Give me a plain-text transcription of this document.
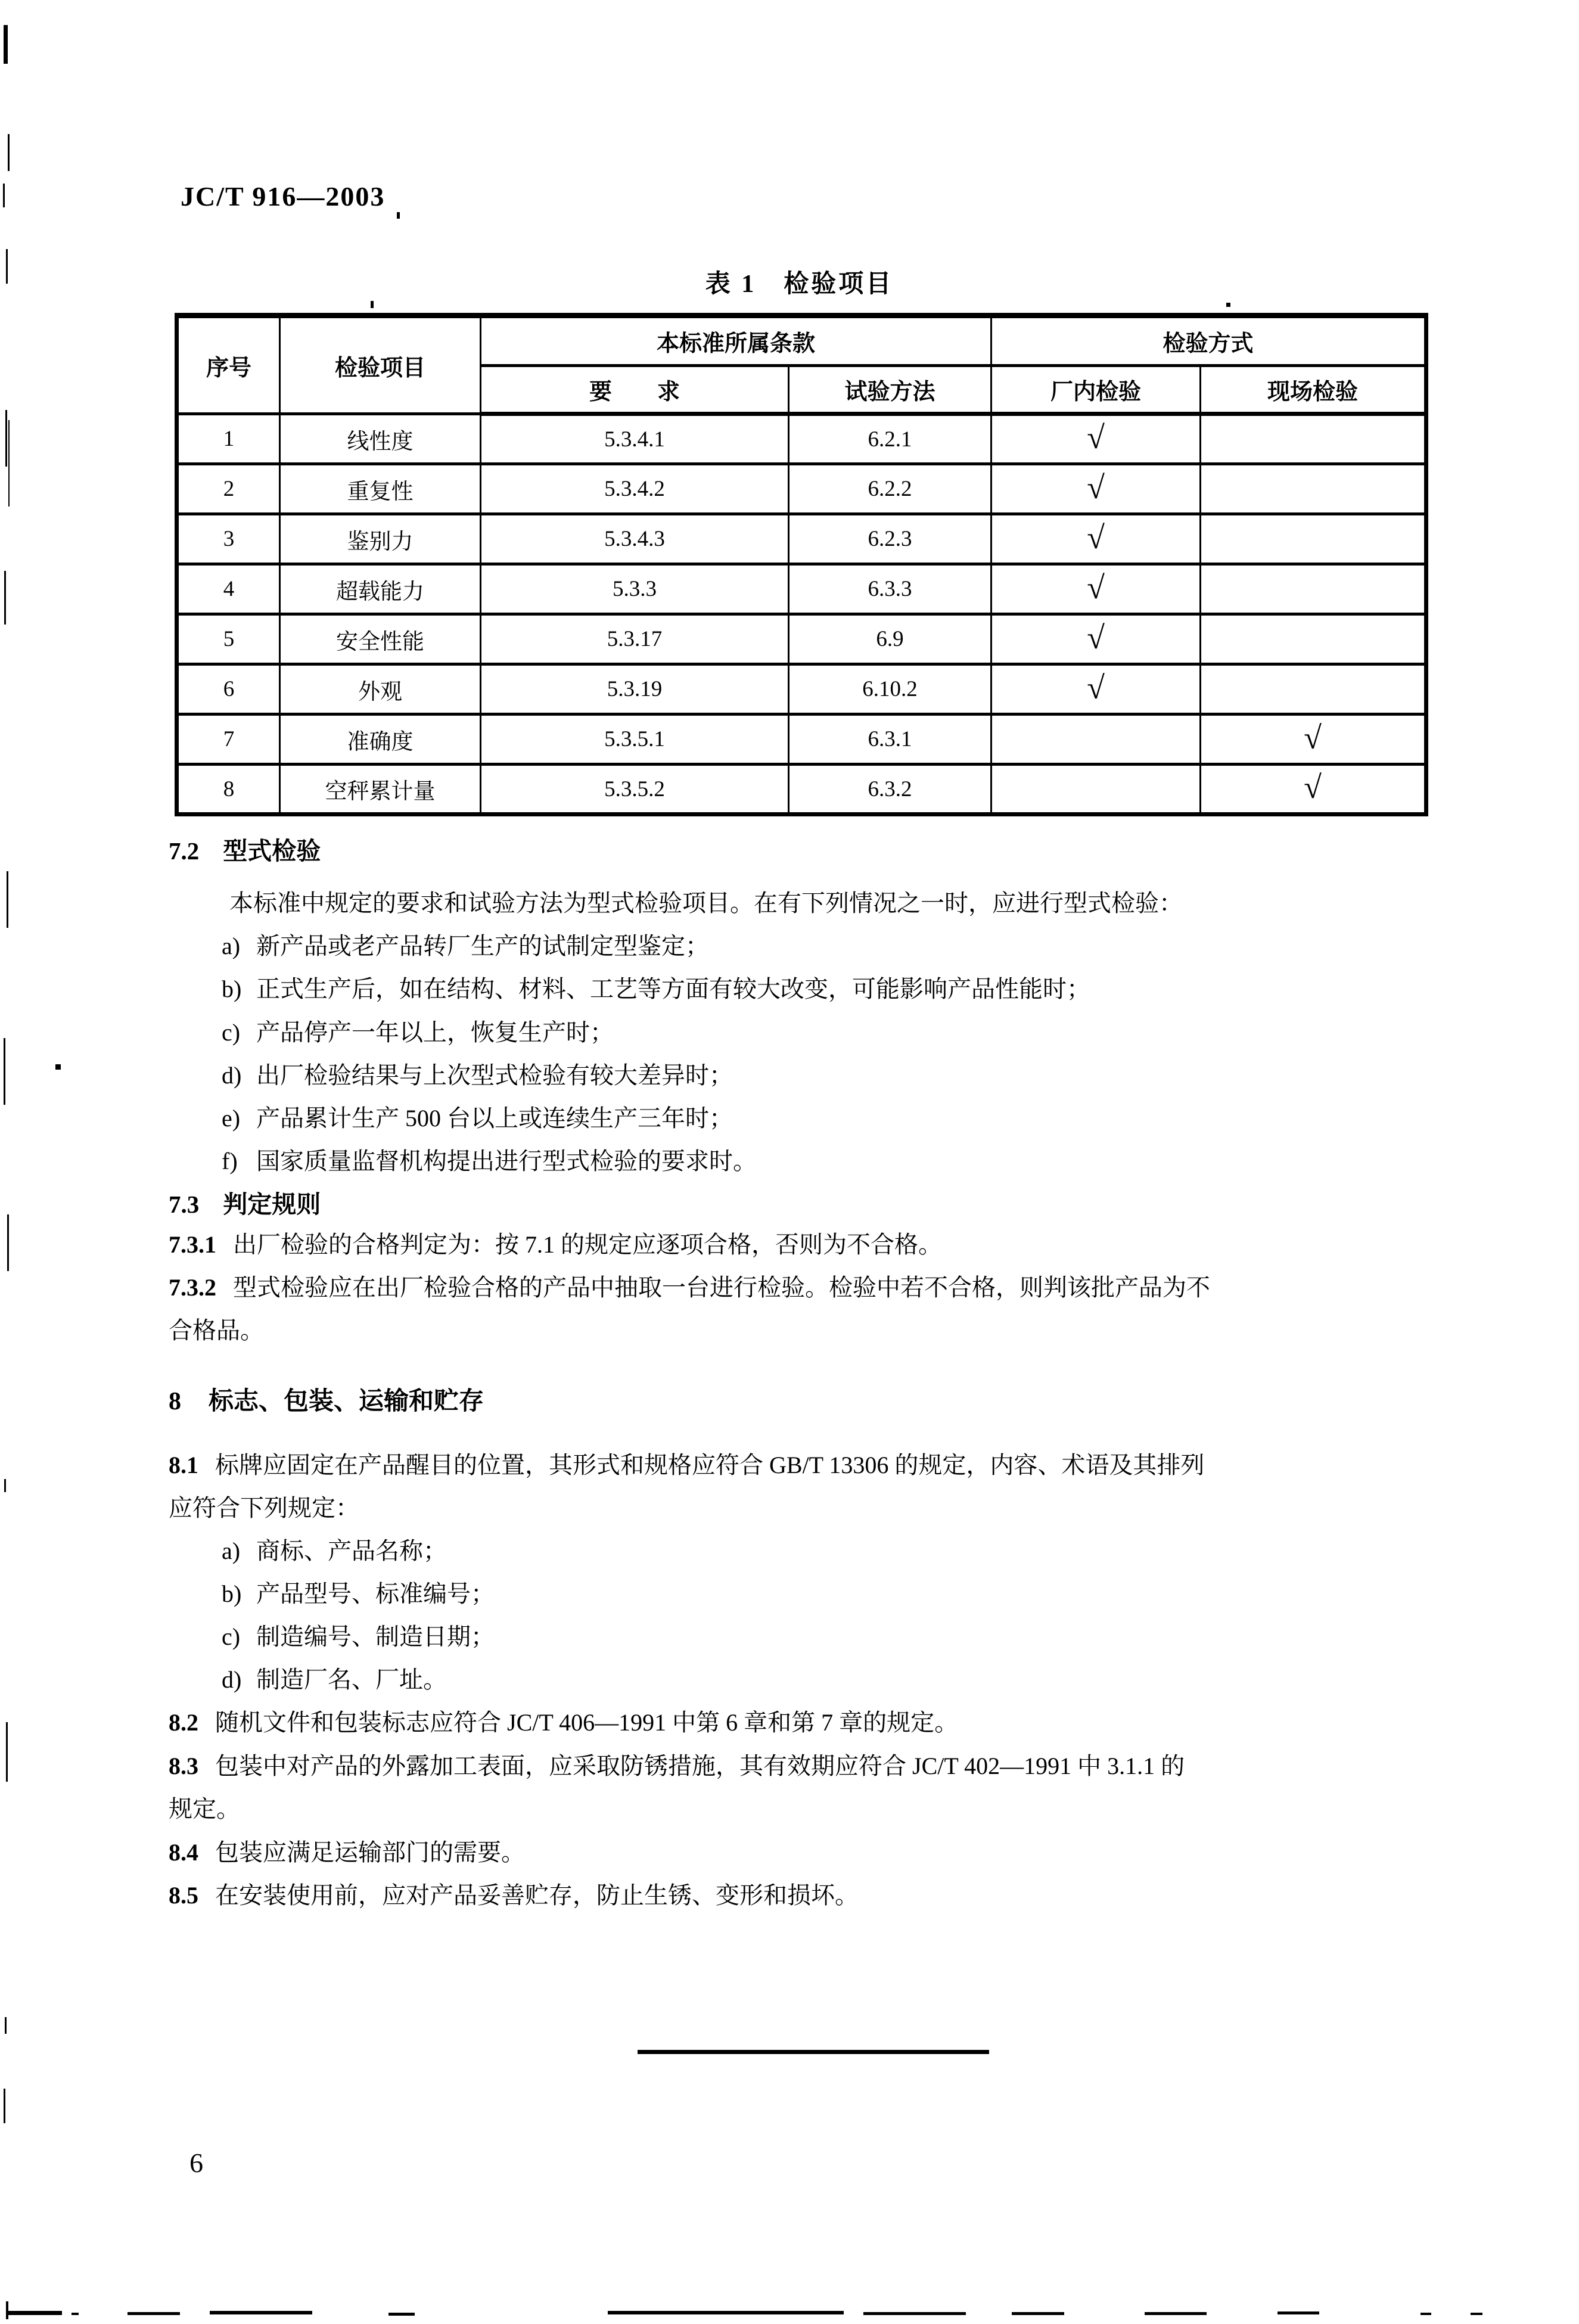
JC/T 916—2003
表 1　检验项目
序号	检验项目	本标准所属条款		检验方式	
		要　　求	试验方法	厂内检验	现场检验
1	线性度	5.3.4.1	6.2.1	√	
2	重复性	5.3.4.2	6.2.2	√	
3	鉴别力	5.3.4.3	6.2.3	√	
4	超载能力	5.3.3	6.3.3	√	
5	安全性能	5.3.17	6.9	√	
6	外观	5.3.19	6.10.2	√	
7	准确度	5.3.5.1	6.3.1		√
8	空秤累计量	5.3.5.2	6.3.2		√
7.2 型式检验
本标准中规定的要求和试验方法为型式检验项目。在有下列情况之一时，应进行型式检验：
a) 新产品或老产品转厂生产的试制定型鉴定；
b) 正式生产后，如在结构、材料、工艺等方面有较大改变，可能影响产品性能时；
c) 产品停产一年以上，恢复生产时；
d) 出厂检验结果与上次型式检验有较大差异时；
e) 产品累计生产 500 台以上或连续生产三年时；
f) 国家质量监督机构提出进行型式检验的要求时。
7.3 判定规则
7.3.1 出厂检验的合格判定为：按 7.1 的规定应逐项合格，否则为不合格。
7.3.2 型式检验应在出厂检验合格的产品中抽取一台进行检验。检验中若不合格，则判该批产品为不
合格品。
8 标志、包装、运输和贮存
8.1 标牌应固定在产品醒目的位置，其形式和规格应符合 GB/T 13306 的规定，内容、术语及其排列
应符合下列规定：
a) 商标、产品名称；
b) 产品型号、标准编号；
c) 制造编号、制造日期；
d) 制造厂名、厂址。
8.2 随机文件和包装标志应符合 JC/T 406—1991 中第 6 章和第 7 章的规定。
8.3 包装中对产品的外露加工表面，应采取防锈措施，其有效期应符合 JC/T 402—1991 中 3.1.1 的
规定。
8.4 包装应满足运输部门的需要。
8.5 在安装使用前，应对产品妥善贮存，防止生锈、变形和损坏。
6
